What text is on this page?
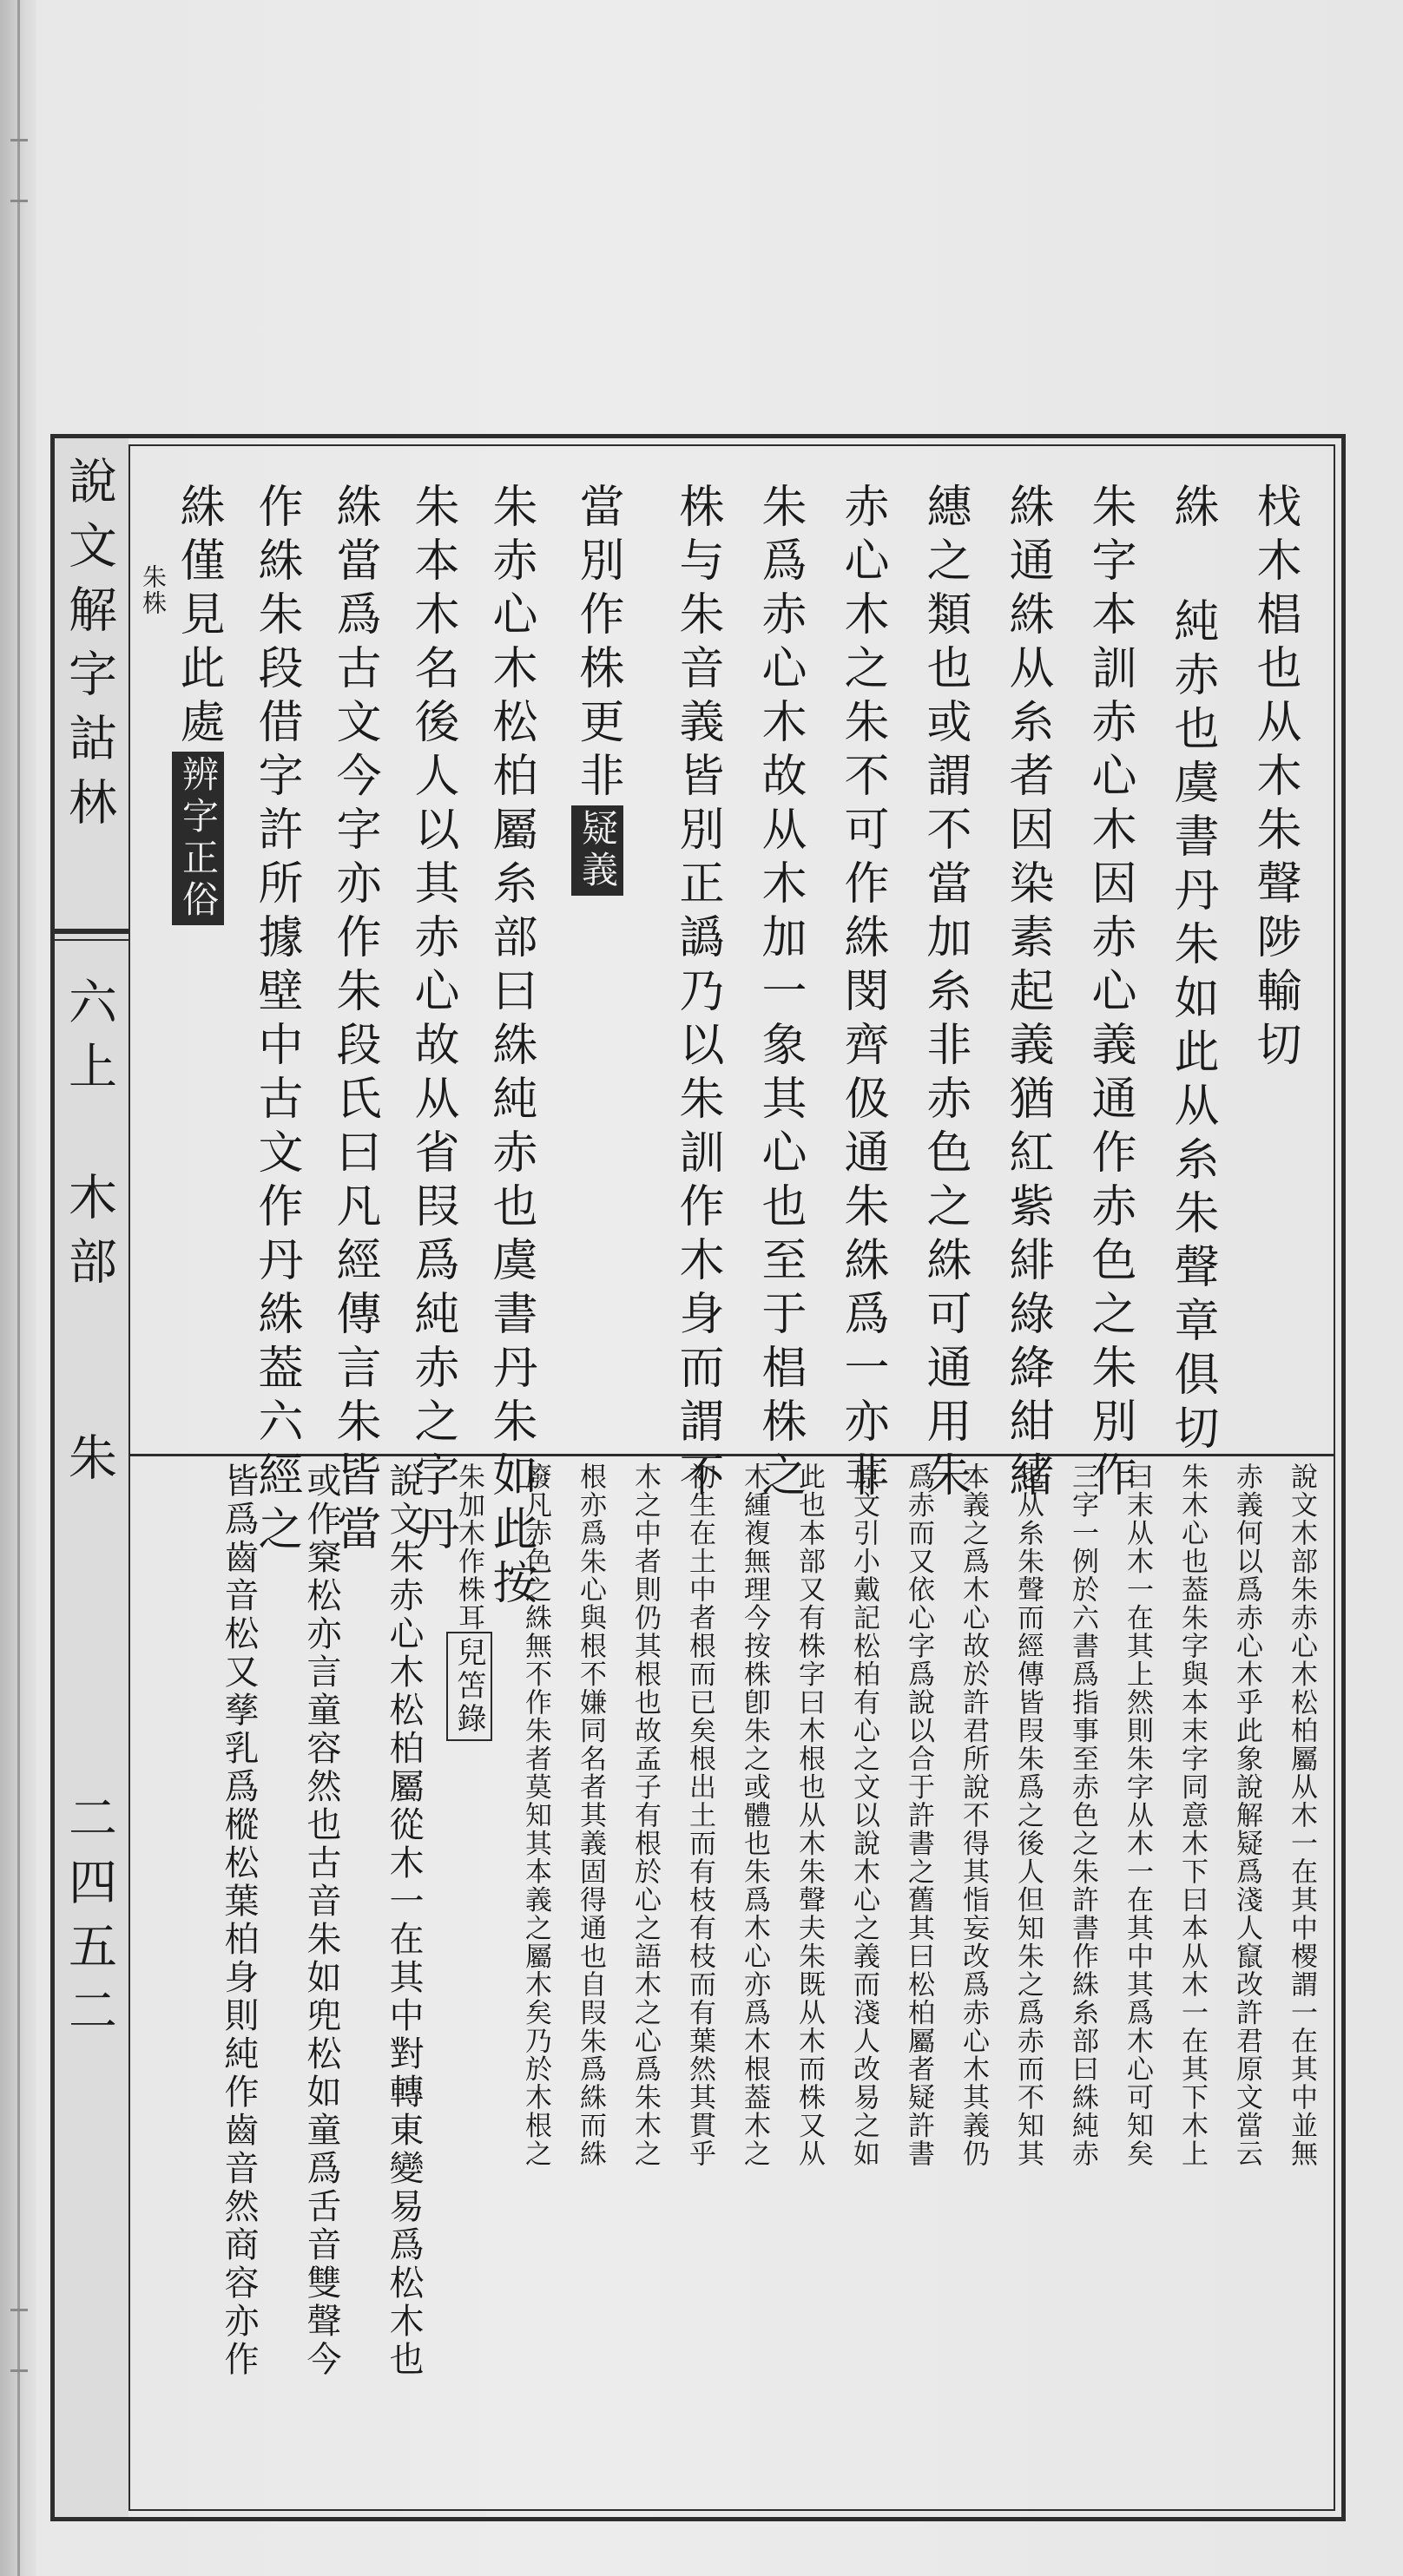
說文解字詁林
六上
木部
朱
二四五二
𣏾木椙也从木朱聲陟輸切
絑 純赤也虞書丹朱如此从糸朱聲章俱切
朱字本訓赤心木因赤心義通作赤色之朱別作
絑通絑从糸者因染素起義猶紅紫緋綠絳紺緒
繐之類也或謂不當加糸非赤色之絑可通用朱
赤心木之朱不可作絑閔齊伋通朱絑爲一亦非
朱爲赤心木故从木加一象其心也至于椙株之
株与朱音義皆別正譌乃以朱訓作木身而謂不
當別作株更非疑義
朱赤心木松柏屬糸部曰絑純赤也虞書丹朱如此按
朱本木名後人以其赤心故从省叚爲純赤之字丹
絑當爲古文今字亦作朱段氏曰凡經傳言朱皆當
作絑朱段借字許所據壁中古文作丹絑葢六經之
絑僅見此處辨字正俗
朱株
說文木部朱赤心木松柏屬从木一在其中㮨謂一在其中並無
赤義何以爲赤心木乎此象說解疑爲淺人竄改許君原文當云
朱木心也葢朱字與本末字同意木下曰本从木一在其下木上
曰末从木一在其上然則朱字从木一在其中其爲木心可知矣
三字一例於六書爲指事至赤色之朱許書作絑糸部曰絑純赤
也从糸朱聲而經傳皆叚朱爲之後人但知朱之爲赤而不知其
本義之爲木心故於許君所說不得其恉妄改爲赤心木其義仍
爲赤而又依心字爲說以合于許書之舊其曰松柏屬者疑許書
原文引小戴記松柏有心之文以說木心之義而淺人改易之如
此也本部又有株字曰木根也从木朱聲夫朱既从木而株又从
木緟複無理今按株卽朱之或體也朱爲木心亦爲木根葢木之
初生在土中者根而已矣根出土而有枝有枝而有葉然其貫乎
木之中者則仍其根也故孟子有根於心之語木之心爲朱木之
根亦爲朱心與根不嫌同名者其義固得通也自叚朱爲絑而絑
廢凡赤色之絑無不作朱者莫知其本義之屬木矣乃於木根之
朱加木作株耳兒笘錄
說文朱赤心木松柏屬從木一在其中對轉東變易爲松木也
或作㮤松亦言童容然也古音朱如兜松如童爲舌音雙聲今
皆爲齒音松又孳乳爲樅松葉柏身則純作齒音然商容亦作
